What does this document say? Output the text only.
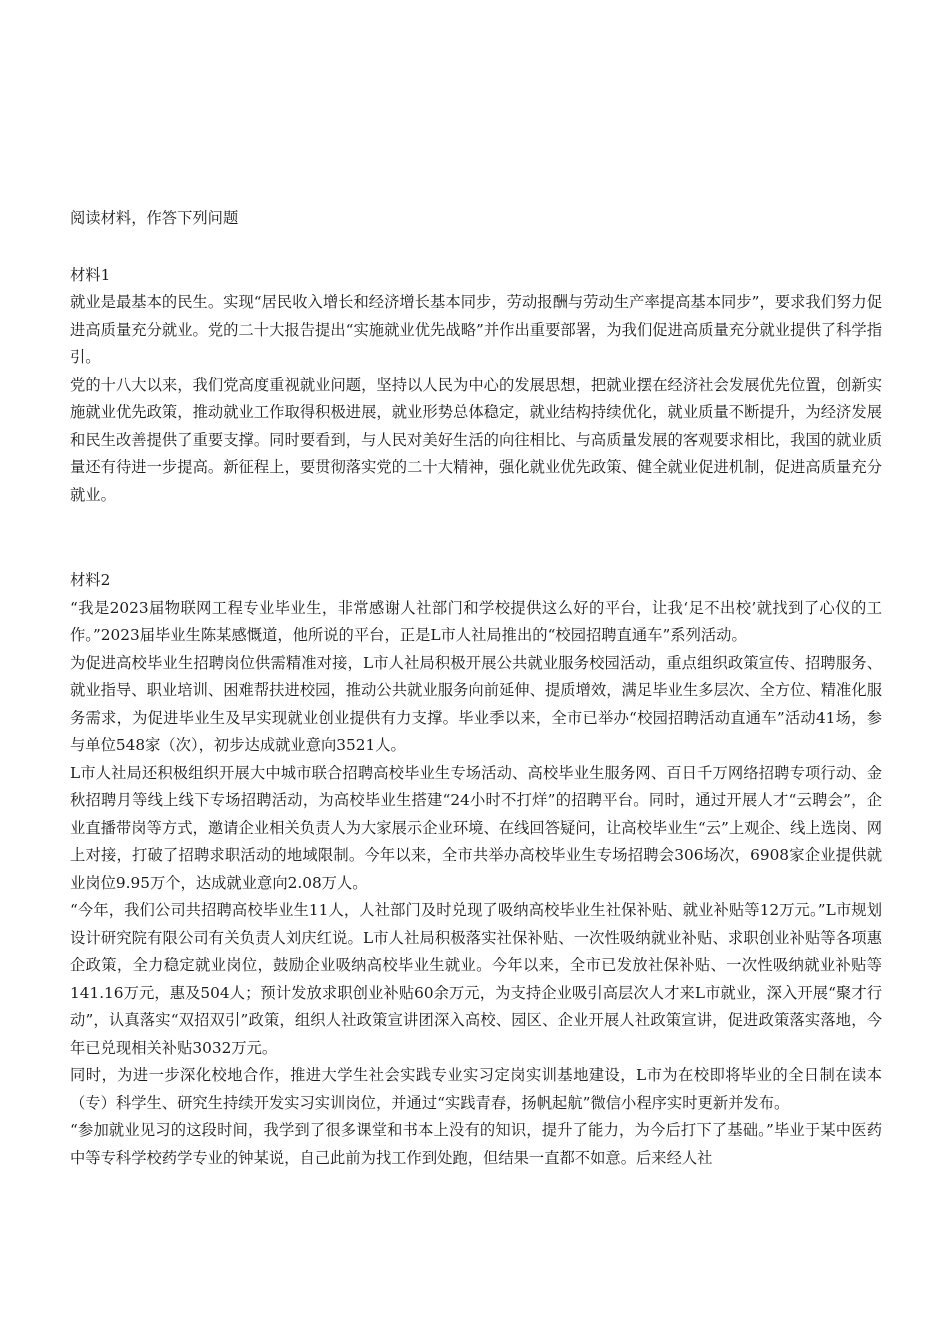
阅读材料，作答下列问题

材料1

就业是最基本的民生。实现“居民收入增长和经济增长基本同步，劳动报酬与劳动生产率提高基本同步”，要求我们努力促进高质量充分就业。党的二十大报告提出“实施就业优先战略”并作出重要部署，为我们促进高质量充分就业提供了科学指引。

党的十八大以来，我们党高度重视就业问题，坚持以人民为中心的发展思想，把就业摆在经济社会发展优先位置，创新实施就业优先政策，推动就业工作取得积极进展，就业形势总体稳定，就业结构持续优化，就业质量不断提升，为经济发展和民生改善提供了重要支撑。同时要看到，与人民对美好生活的向往相比、与高质量发展的客观要求相比，我国的就业质量还有待进一步提高。新征程上，要贯彻落实党的二十大精神，强化就业优先政策、健全就业促进机制，促进高质量充分就业。

材料2

“我是2023届物联网工程专业毕业生，非常感谢人社部门和学校提供这么好的平台，让我‘足不出校’就找到了心仪的工作。”2023届毕业生陈某感慨道，他所说的平台，正是L市人社局推出的“校园招聘直通车”系列活动。

为促进高校毕业生招聘岗位供需精准对接，L市人社局积极开展公共就业服务校园活动，重点组织政策宣传、招聘服务、就业指导、职业培训、困难帮扶进校园，推动公共就业服务向前延伸、提质增效，满足毕业生多层次、全方位、精准化服务需求，为促进毕业生及早实现就业创业提供有力支撑。毕业季以来，全市已举办“校园招聘活动直通车”活动41场，参与单位548家（次），初步达成就业意向3521人。

L市人社局还积极组织开展大中城市联合招聘高校毕业生专场活动、高校毕业生服务网、百日千万网络招聘专项行动、金秋招聘月等线上线下专场招聘活动，为高校毕业生搭建“24小时不打烊”的招聘平台。同时，通过开展人才“云聘会”，企业直播带岗等方式，邀请企业相关负责人为大家展示企业环境、在线回答疑问，让高校毕业生“云”上观企、线上选岗、网上对接，打破了招聘求职活动的地域限制。今年以来，全市共举办高校毕业生专场招聘会306场次，6908家企业提供就业岗位9.95万个，达成就业意向2.08万人。

“今年，我们公司共招聘高校毕业生11人，人社部门及时兑现了吸纳高校毕业生社保补贴、就业补贴等12万元。”L市规划设计研究院有限公司有关负责人刘庆红说。L市人社局积极落实社保补贴、一次性吸纳就业补贴、求职创业补贴等各项惠企政策，全力稳定就业岗位，鼓励企业吸纳高校毕业生就业。今年以来，全市已发放社保补贴、一次性吸纳就业补贴等141.16万元，惠及504人；预计发放求职创业补贴60余万元，为支持企业吸引高层次人才来L市就业，深入开展“聚才行动”，认真落实“双招双引”政策，组织人社政策宣讲团深入高校、园区、企业开展人社政策宣讲，促进政策落实落地，今年已兑现相关补贴3032万元。

同时，为进一步深化校地合作，推进大学生社会实践专业实习定岗实训基地建设，L市为在校即将毕业的全日制在读本（专）科学生、研究生持续开发实习实训岗位，并通过“实践青春，扬帆起航”微信小程序实时更新并发布。

“参加就业见习的这段时间，我学到了很多课堂和书本上没有的知识，提升了能力，为今后打下了基础。”毕业于某中医药中等专科学校药学专业的钟某说，自己此前为找工作到处跑，但结果一直都不如意。后来经人社
